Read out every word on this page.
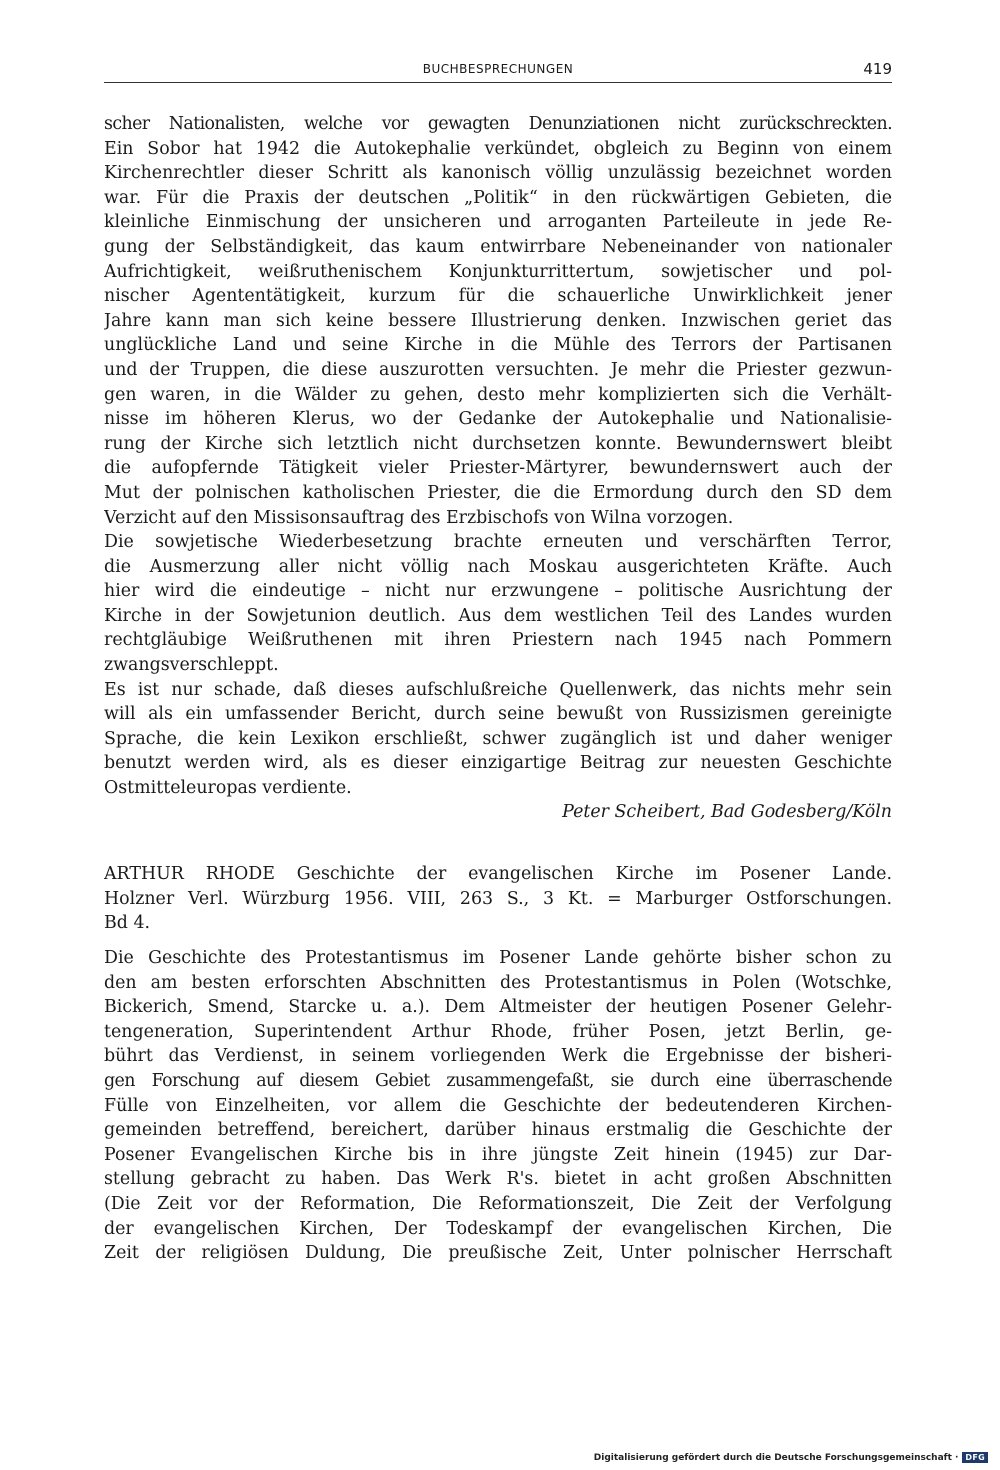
BUCHBESPRECHUNGEN	419
scher Nationalisten, welche vor gewagten Denunziationen nicht zurückschreckten.
Ein Sobor hat 1942 die Autokephalie verkündet, obgleich zu Beginn von einem
Kirchenrechtler dieser Schritt als kanonisch völlig unzulässig bezeichnet worden
war. Für die Praxis der deutschen „Politik“ in den rückwärtigen Gebieten, die
kleinliche Einmischung der unsicheren und arroganten Parteileute in jede Re-
gung der Selbständigkeit, das kaum entwirrbare Nebeneinander von nationaler
Aufrichtigkeit, weißruthenischem Konjunkturrittertum, sowjetischer und pol-
nischer Agententätigkeit, kurzum für die schauerliche Unwirklichkeit jener
Jahre kann man sich keine bessere Illustrierung denken. Inzwischen geriet das
unglückliche Land und seine Kirche in die Mühle des Terrors der Partisanen
und der Truppen, die diese auszurotten versuchten. Je mehr die Priester gezwun-
gen waren, in die Wälder zu gehen, desto mehr komplizierten sich die Verhält-
nisse im höheren Klerus, wo der Gedanke der Autokephalie und Nationalisie-
rung der Kirche sich letztlich nicht durchsetzen konnte. Bewundernswert bleibt
die aufopfernde Tätigkeit vieler Priester-Märtyrer, bewundernswert auch der
Mut der polnischen katholischen Priester, die die Ermordung durch den SD dem
Verzicht auf den Missisonsauftrag des Erzbischofs von Wilna vorzogen.
Die sowjetische Wiederbesetzung brachte erneuten und verschärften Terror,
die Ausmerzung aller nicht völlig nach Moskau ausgerichteten Kräfte. Auch
hier wird die eindeutige – nicht nur erzwungene – politische Ausrichtung der
Kirche in der Sowjetunion deutlich. Aus dem westlichen Teil des Landes wurden
rechtgläubige Weißruthenen mit ihren Priestern nach 1945 nach Pommern
zwangsverschleppt.
Es ist nur schade, daß dieses aufschlußreiche Quellenwerk, das nichts mehr sein
will als ein umfassender Bericht, durch seine bewußt von Russizismen gereinigte
Sprache, die kein Lexikon erschließt, schwer zugänglich ist und daher weniger
benutzt werden wird, als es dieser einzigartige Beitrag zur neuesten Geschichte
Ostmitteleuropas verdiente.
Peter Scheibert, Bad Godesberg/Köln
ARTHUR RHODE Geschichte der evangelischen Kirche im Posener Lande.
Holzner Verl. Würzburg 1956. VIII, 263 S., 3 Kt. = Marburger Ostforschungen.
Bd 4.
Die Geschichte des Protestantismus im Posener Lande gehörte bisher schon zu
den am besten erforschten Abschnitten des Protestantismus in Polen (Wotschke,
Bickerich, Smend, Starcke u. a.). Dem Altmeister der heutigen Posener Gelehr-
tengeneration, Superintendent Arthur Rhode, früher Posen, jetzt Berlin, ge-
bührt das Verdienst, in seinem vorliegenden Werk die Ergebnisse der bisheri-
gen Forschung auf diesem Gebiet zusammengefaßt, sie durch eine überraschende
Fülle von Einzelheiten, vor allem die Geschichte der bedeutenderen Kirchen-
gemeinden betreffend, bereichert, darüber hinaus erstmalig die Geschichte der
Posener Evangelischen Kirche bis in ihre jüngste Zeit hinein (1945) zur Dar-
stellung gebracht zu haben. Das Werk R's. bietet in acht großen Abschnitten
(Die Zeit vor der Reformation, Die Reformationszeit, Die Zeit der Verfolgung
der evangelischen Kirchen, Der Todeskampf der evangelischen Kirchen, Die
Zeit der religiösen Duldung, Die preußische Zeit, Unter polnischer Herrschaft
Digitalisierung gefördert durch die Deutsche Forschungsgemeinschaft · DFG
